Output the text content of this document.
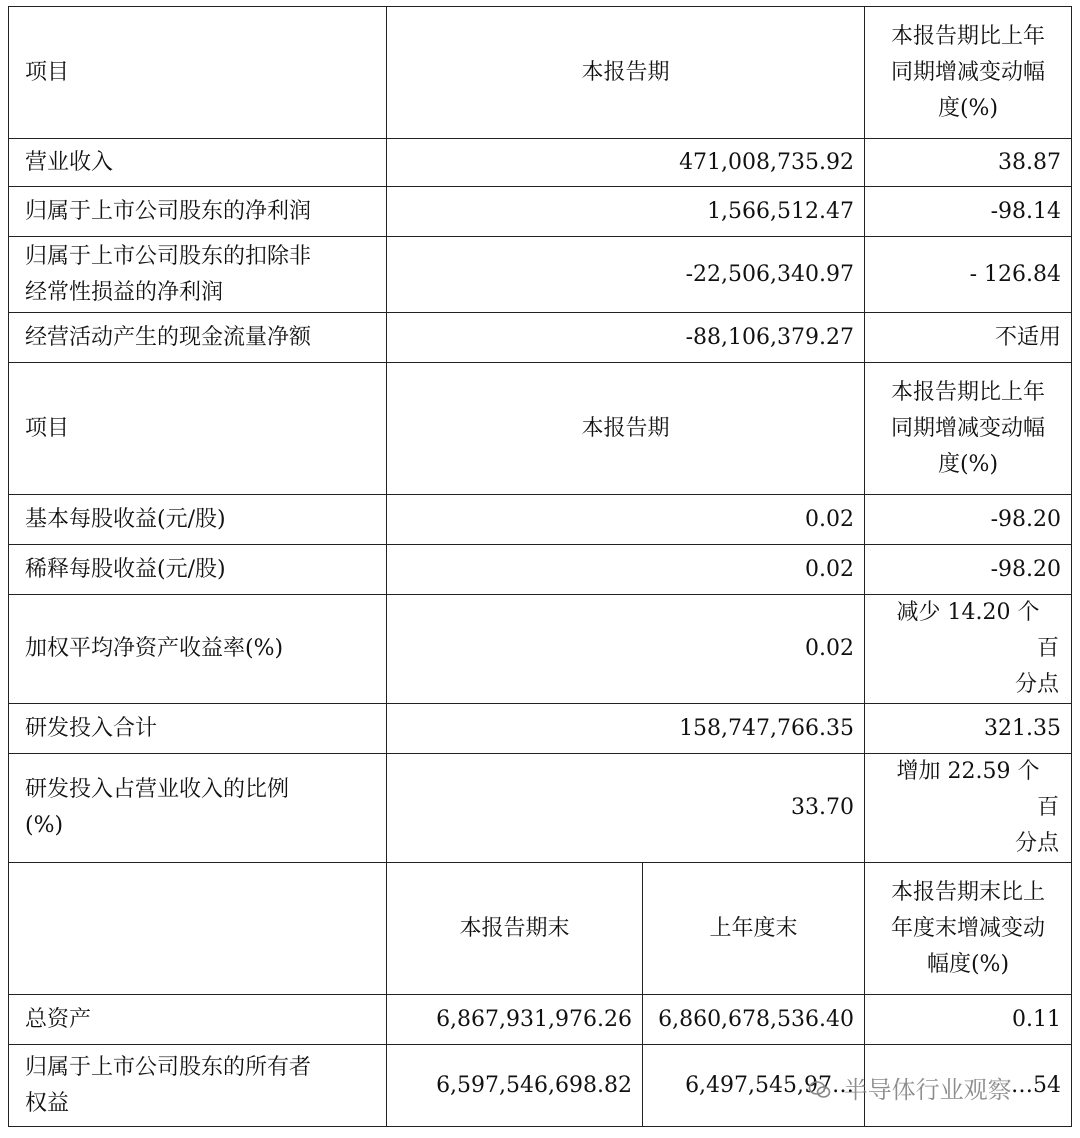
项目	本报告期		本报告期比上年
同期增减变动幅
度(%)
营业收入	471,008,735.92		38.87
归属于上市公司股东的净利润	1,566,512.47		-98.14
归属于上市公司股东的扣除非
经常性损益的净利润	-22,506,340.97		- 126.84
经营活动产生的现金流量净额	-88,106,379.27		不适用
项目	本报告期		本报告期比上年
同期增减变动幅
度(%)
基本每股收益(元/股)	0.02		-98.20
稀释每股收益(元/股)	0.02		-98.20
加权平均净资产收益率(%)	0.02		减少 14.20 个
百
分点

研发投入合计	158,747,766.35		321.35
研发投入占营业收入的比例
(%)	33.70		增加 22.59 个
百
分点

	本报告期末	上年度末	本报告期末比上
年度末增减变动
幅度(%)
总资产	6,867,931,976.26	6,860,678,536.40	0.11
归属于上市公司股东的所有者
权益	6,597,546,698.82	6,497,545,97…	…54
半导体行业观察
